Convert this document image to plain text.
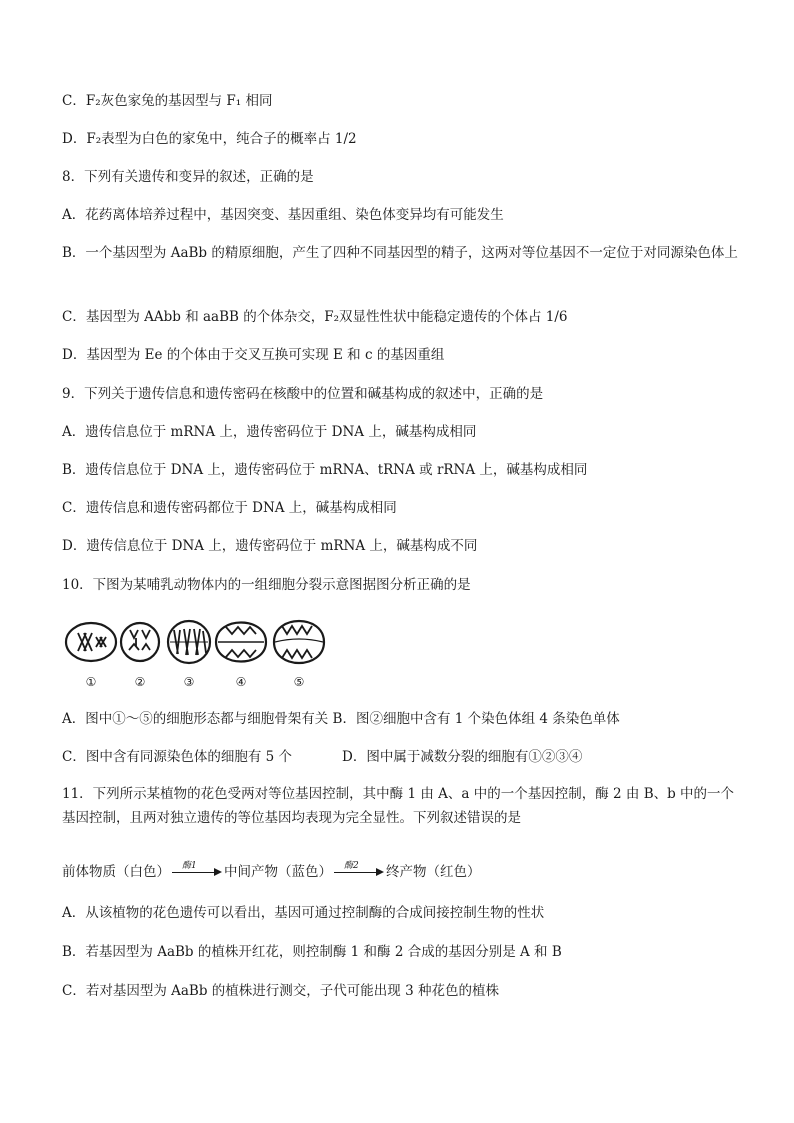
C．F₂灰色家兔的基因型与 F₁ 相同
D．F₂表型为白色的家兔中，纯合子的概率占 1/2
8．下列有关遗传和变异的叙述，正确的是
A．花药离体培养过程中，基因突变、基因重组、染色体变异均有可能发生
B．一个基因型为 AaBb 的精原细胞，产生了四种不同基因型的精子，这两对等位基因不一定位于对同源染色体上
C．基因型为 AAbb 和 aaBB 的个体杂交，F₂双显性性状中能稳定遗传的个体占 1/6
D．基因型为 Ee 的个体由于交叉互换可实现 E 和 c 的基因重组
9．下列关于遗传信息和遗传密码在核酸中的位置和碱基构成的叙述中，正确的是
A．遗传信息位于 mRNA 上，遗传密码位于 DNA 上，碱基构成相同
B．遗传信息位于 DNA 上，遗传密码位于 mRNA、tRNA 或 rRNA 上，碱基构成相同
C．遗传信息和遗传密码都位于 DNA 上，碱基构成相同
D．遗传信息位于 DNA 上，遗传密码位于 mRNA 上，碱基构成不同
10．下图为某哺乳动物体内的一组细胞分裂示意图据图分析正确的是
①	②	③	④	⑤
A．图中①～⑤的细胞形态都与细胞骨架有关 B．图②细胞中含有 1 个染色体组 4 条染色单体
C．图中含有同源染色体的细胞有 5 个	D．图中属于减数分裂的细胞有①②③④
11．下列所示某植物的花色受两对等位基因控制，其中酶 1 由 A、a 中的一个基因控制，酶 2 由 B、b 中的一个基因控制，且两对独立遗传的等位基因均表现为完全显性。下列叙述错误的是
前体物质（白色） 酶1 中间产物（蓝色） 酶2 终产物（红色）
A．从该植物的花色遗传可以看出，基因可通过控制酶的合成间接控制生物的性状
B．若基因型为 AaBb 的植株开红花，则控制酶 1 和酶 2 合成的基因分别是 A 和 B
C．若对基因型为 AaBb 的植株进行测交，子代可能出现 3 种花色的植株
